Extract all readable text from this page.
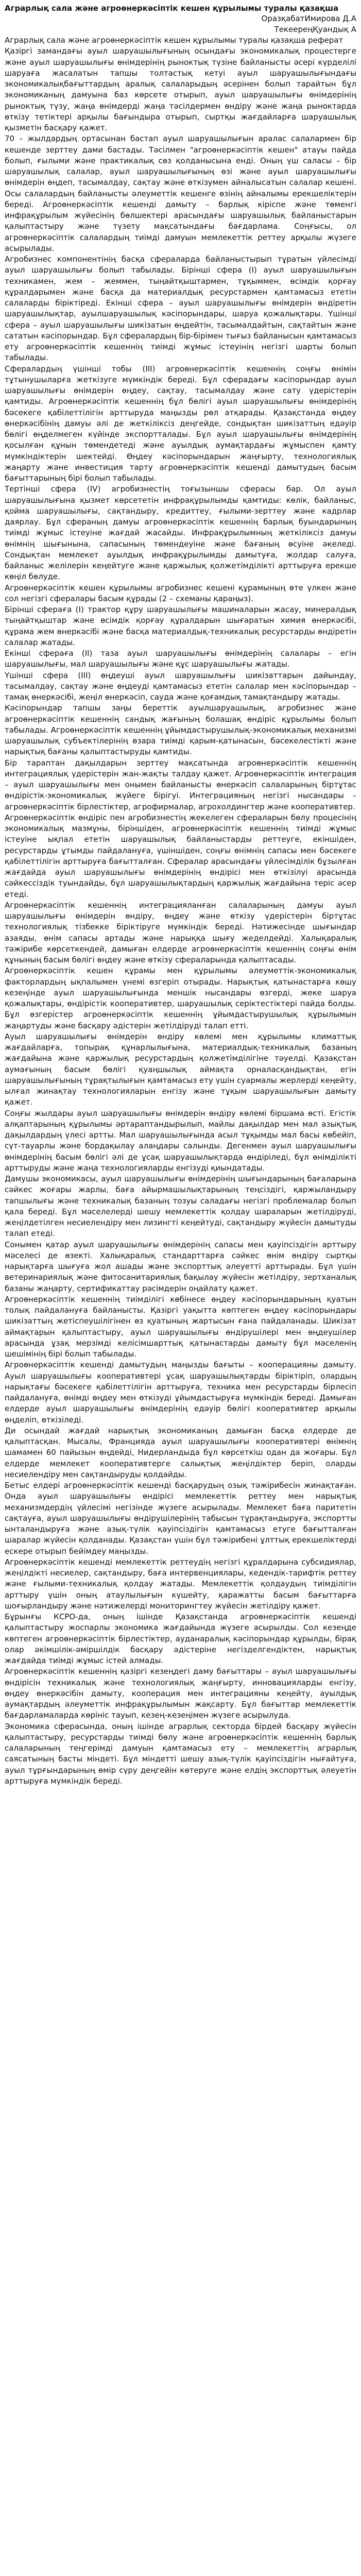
Аграрлық сала және агроөнеркәсіптік кешен құрылымы туралы қазақша

ОразқабатИмирова Д.А

ТекеереңҚуандық А

Аграрлық сала және агроөнеркәсіптік кешен құрылымы туралы қазақша реферат

Қазіргі замандағы ауыл шаруашылығының осындағы экономикалық процестерге және ауыл шаруашылығы өнімдерінің рыноктық түзіне байланысты әсері күрделілі шаруаға жасалатын тапшы толтастық кетуі ауыл шаруашылығындағы экономикалықбағыттардың аралық салаларыдың әсерінен болып тарайтын бұл экономиканың дамуына баз көрсете отырып, ауыл шаруашылығы өнімдерінің рыноктық түзу, жаңа өнімдерді жаңа тәсілдермен өндіру және жаңа рыноктарда өткізу тетіктері арқылы бағындыра отырып, сыртқы жағдайларға шаруашылық қызметін басқару қажет.

70 – жылдардың ортасынан бастап ауыл шаруашылығын аралас салалармен бір кешенде зерттеу дами бастады. Тәсілмен "агроөнеркәсіптік кешен" атауы пайда болып, ғылыми және практикалық сөз қолданысына енді. Оның үш саласы – бір шаруашылық салалар, ауыл шаруашылығының өзі және ауыл шаруашылығы өнімдерін өңдеп, тасымалдау, сақтау және өткізумен айналысатын салалар кешені. Осы салалардың байланысты әлеуметтік кешенге өзінің айналымы ерекшеліктерін береді. Агроөнеркәсіптік кешенді дамыту – барлық кіріспе және төменгі инфрақұрылым жүйесінің бөлшектері арасындағы шаруашылық байланыстарын қалыптастыру және түзету мақсатындағы бағдарлама. Соңғысы, ол агроөнеркәсіптік салалардың тиімді дамуын мемлекеттік реттеу арқылы жүзеге асырылады.

Агробизнес компонентінің басқа сфераларда байланыстырып тұратын үйлесімді ауыл шаруашылығы болып табылады. Бірінші сфера (I) ауыл шаруашылығын техникамен, жем – жеммен, тыңайтқыштармен, тұқыммен, өсімдік қорғау құралдарымен және басқа да материалдық ресурстармен қамтамасыз ететін салаларды біріктіреді. Екінші сфера – ауыл шаруашылығы өнімдерін өндіретін шаруашылықтар, ауылшаруашылық кәсіпорындары, шаруа қожалықтары. Үшінші сфера – ауыл шаруашылығы шикізатын өңдейтін, тасымалдайтын, сақтайтын және сататын кәсіпорындар. Бұл сфералардың бір-бірімен тығыз байланысын қамтамасыз ету агроөнеркәсіптік кешеннің тиімді жұмыс істеуінің негізгі шарты болып табылады.

Сфералардың үшінші тобы (III) агроөнеркәсіптік кешеннің соңғы өнімін тұтынушыларға жеткізуге мүмкіндік береді. Бұл сферадағы кәсіпорындар ауыл шаруашылығы өнімдерін өңдеу, сақтау, тасымалдау және сату үдерістерін қамтиды. Агроөнеркәсіптік кешеннің бұл бөлігі ауыл шаруашылығы өнімдерінің бәсекеге қабілеттілігін арттыруда маңызды рөл атқарады. Қазақстанда өңдеу өнеркәсібінің дамуы әлі де жеткіліксіз деңгейде, сондықтан шикізаттың едәуір бөлігі өңделмеген күйінде экспортталады. Бұл ауыл шаруашылығы өнімдерінің қосылған құнын төмендетеді және ауылдық аумақтардағы жұмыспен қамту мүмкіндіктерін шектейді. Өңдеу кәсіпорындарын жаңғырту, технологиялық жаңарту және инвестиция тарту агроөнеркәсіптік кешенді дамытудың басым бағыттарының бірі болып табылады.

Тертінші сфера (IV) агробизнестің тоғызыншы сферасы бар. Ол ауыл шаруашылығына қызмет көрсететін инфрақұрылымды қамтиды: көлік, байланыс, қойма шаруашылығы, сақтандыру, кредиттеу, ғылыми-зерттеу және кадрлар даярлау. Бұл сфераның дамуы агроөнеркәсіптік кешеннің барлық буындарының тиімді жұмыс істеуіне жағдай жасайды. Инфрақұрылымның жеткіліксіз дамуы өнімнің шығынына, сапасының төмендеуіне және бағаның өсуіне әкеледі. Сондықтан мемлекет ауылдық инфрақұрылымды дамытуға, жолдар салуға, байланыс желілерін кеңейтуге және қаржылық қолжетімділікті арттыруға ерекше көңіл бөлуде.

Агроөнеркәсіптік кешен құрылымы агробизнес кешені құрамының өте үлкен және сол негізгі сфералары басым құрады (2 – схеманы қараңыз).

Бірінші сфераға (I) трактор құру шаруашылығы машиналарын жасау, минералдық тыңайтқыштар және өсімдік қорғау құралдарын шығаратын химия өнеркәсібі, құрама жем өнеркәсібі және басқа материалдық-техникалық ресурстарды өндіретін салалар жатады.

Екінші сфераға (II) таза ауыл шаруашылығы өнімдерінің салалары – егін шаруашылығы, мал шаруашылығы және құс шаруашылығы жатады.

Үшінші сфера (III) өңдеуші ауыл шаруашылығы шикізаттарын дайындау, тасымалдау, сақтау және өңдеуді қамтамасыз ететін салалар мен кәсіпорындар – тамақ өнеркәсібі, жеңіл өнеркәсіп, сауда және қоғамдық тамақтандыру жатады.

Кәсіпорындар тапшы заңы береттік ауылшаруашылық, агробизнес және агроөнеркәсіптік кешеннің сандық жағының болашақ өндіріс құрылымы болып табылады. Агроөнеркәсіптік кешеннің ұйымдастырушылық-экономикалық механизмі шаруашылық субъектілерінің өзара тиімді қарым-қатынасын, бәсекелестікті және нарықтық бағаны қалыптастыруды қамтиды.

Бір тараптан дақылдарын зерттеу мақсатында агроөнеркәсіптік кешеннің интеграциялық үдерістерін жан-жақты талдау қажет. Агроөнеркәсіптік интеграция – ауыл шаруашылығы мен онымен байланысты өнеркәсіп салаларының біртұтас өндірістік-экономикалық жүйеге бірігуі. Интеграцияның негізгі нысандары – агроөнеркәсіптік бірлестіктер, агрофирмалар, агрохолдингтер және кооперативтер.

Агроөнеркәсіптік өндіріс пен агробизнестің жекелеген сфераларын бөлу процесінің экономикалық мазмұны, біріншіден, агроөнеркәсіптік кешеннің тиімді жұмыс істеуіне ықпал ететін шаруашылық байланыстарды реттеуге, екіншіден, ресурстарды ұтымды пайдалануға, үшіншіден, соңғы өнімнің сапасы мен бәсекеге қабілеттілігін арттыруға бағытталған. Сфералар арасындағы үйлесімділік бұзылған жағдайда ауыл шаруашылығы өнімдерінің өндірісі мен өткізілуі арасында сәйкессіздік туындайды, бұл шаруашылықтардың қаржылық жағдайына теріс әсер етеді.

Агроөнеркәсіптік кешеннің интеграцияланған салаларының дамуы ауыл шаруашылығы өнімдерін өндіру, өңдеу және өткізу үдерістерін біртұтас технологиялық тізбекке біріктіруге мүмкіндік береді. Нәтижесінде шығындар азаяды, өнім сапасы артады және нарыққа шығу жеделдейді. Халықаралық тәжірибе көрсеткендей, дамыған елдерде агроөнеркәсіптік кешеннің соңғы өнім құнының басым бөлігі өңдеу және өткізу сфераларында қалыптасады.

Агроөнеркәсіптік кешен құрамы мен құрылымы әлеуметтік-экономикалық факторлардың ықпалымен үнемі өзгеріп отырады. Нарықтық қатынастарға көшу кезеңінде ауыл шаруашылығында меншік нысандары өзгерді, жеке шаруа қожалықтары, өндірістік кооперативтер, шаруашылық серіктестіктері пайда болды. Бұл өзгерістер агроөнеркәсіптік кешеннің ұйымдастырушылық құрылымын жаңартуды және басқару әдістерін жетілдіруді талап етті.

Ауыл шаруашылығы өнімдерін өндіру көлемі мен құрылымы климаттық жағдайларға, топырақ құнарлылығына, материалдық-техникалық базаның жағдайына және қаржылық ресурстардың қолжетімділігіне тәуелді. Қазақстан аумағының басым бөлігі қуаңшылық аймақта орналасқандықтан, егін шаруашылығының тұрақтылығын қамтамасыз ету үшін суармалы жерлерді кеңейту, ылғал жинақтау технологияларын енгізу және тұқым шаруашылығын дамыту қажет.

Соңғы жылдары ауыл шаруашылығы өнімдерін өндіру көлемі біршама өсті. Егістік алқаптарының құрылымы әртараптандырылып, майлы дақылдар мен мал азықтық дақылдардың үлесі артты. Мал шаруашылығында асыл тұқымды мал басы көбейіп, сүт-тауарлы және бордақылау алаңдары салынды. Дегенмен ауыл шаруашылығы өнімдерінің басым бөлігі әлі де ұсақ шаруашылықтарда өндіріледі, бұл өнімділікті арттыруды және жаңа технологияларды енгізуді қиындатады.

Дамушы экономикасы, ауыл шаруашылығы өнімдерінің шығындарының бағаларына сәйкес жоғары жарлы, баға айырмашылықтарының теңсіздігі, қаржыландыру тапшылығы және техникалық базаның тозуы саладағы негізгі проблемалар болып қала береді. Бұл мәселелерді шешу мемлекеттік қолдау шараларын жетілдіруді, жеңілдетілген несиелендіру мен лизингті кеңейтуді, сақтандыру жүйесін дамытуды талап етеді.

Сонымен қатар ауыл шаруашылығы өнімдерінің сапасы мен қауіпсіздігін арттыру мәселесі де өзекті. Халықаралық стандарттарға сәйкес өнім өндіру сыртқы нарықтарға шығуға жол ашады және экспорттық әлеуетті арттырады. Бұл үшін ветеринариялық және фитосанитариялық бақылау жүйесін жетілдіру, зертханалық базаны жаңарту, сертификаттау рәсімдерін оңайлату қажет.

Агроөнеркәсіптік кешеннің тиімділігі көбінесе өңдеу кәсіпорындарының қуатын толық пайдалануға байланысты. Қазіргі уақытта көптеген өңдеу кәсіпорындары шикізаттың жетіспеушілігінен өз қуатының жартысын ғана пайдаланады. Шикізат аймақтарын қалыптастыру, ауыл шаруашылығы өндірушілері мен өңдеушілер арасында ұзақ мерзімді келісімшарттық қатынастарды дамыту бұл мәселенің шешімінің бірі болып табылады.

Агроөнеркәсіптік кешенді дамытудың маңызды бағыты – кооперацияны дамыту. Ауыл шаруашылығы кооперативтері ұсақ шаруашылықтарды біріктіріп, олардың нарықтағы бәсекеге қабілеттілігін арттыруға, техника мен ресурстарды бірлесіп пайдалануға, өнімді өңдеу мен өткізуді ұйымдастыруға мүмкіндік береді. Дамыған елдерде ауыл шаруашылығы өнімдерінің едәуір бөлігі кооперативтер арқылы өңделіп, өткізіледі.

Ди осындай жағдай нарықтық экономиканың дамыған басқа елдерде де қалыптасқан. Мысалы, Францияда ауыл шаруашылығы кооперативтері өнімнің шамамен 60 пайызын өңдейді, Нидерландыда бұл көрсеткіш одан да жоғары. Бұл елдерде мемлекет кооперативтерге салықтық жеңілдіктер беріп, оларды несиелендіру мен сақтандыруды қолдайды.

Бетыс елдері агроөнеркәсіптік кешенді басқарудың озық тәжірибесін жинақтаған. Онда ауыл шаруашылығы өндірісі мемлекеттік реттеу мен нарықтық механизмдердің үйлесімі негізінде жүзеге асырылады. Мемлекет баға паритетін сақтауға, ауыл шаруашылығы өндірушілерінің табысын тұрақтандыруға, экспортты ынталандыруға және азық-түлік қауіпсіздігін қамтамасыз етуге бағытталған шаралар жүйесін қолданады. Қазақстан үшін бұл тәжірибені ұлттық ерекшеліктерді ескере отырып бейімдеу маңызды.

Агроөнеркәсіптік кешенді мемлекеттік реттеудің негізгі құралдарына субсидиялар, жеңілдікті несиелер, сақтандыру, баға интервенциялары, кедендік-тарифтік реттеу және ғылыми-техникалық қолдау жатады. Мемлекеттік қолдаудың тиімділігін арттыру үшін оның атаулылығын күшейту, қаражатты басым бағыттарға шоғырландыру және нәтижелерді мониторингтеу жүйесін жетілдіру қажет.

Бұрынғы КСРО-да, оның ішінде Қазақстанда агроөнеркәсіптік кешенді қалыптастыру жоспарлы экономика жағдайында жүзеге асырылды. Сол кезеңде көптеген агроөнеркәсіптік бірлестіктер, ауданаралық кәсіпорындар құрылды, бірақ олар әкімшілік-әміршілдік басқару әдістеріне негізделгендіктен, нарықтық жағдайда тиімді жұмыс істей алмады.

Агроөнеркәсіптік кешеннің қазіргі кезеңдегі даму бағыттары – ауыл шаруашылығы өндірісін техникалық және технологиялық жаңғырту, инновацияларды енгізу, өңдеу өнеркәсібін дамыту, кооперация мен интеграцияны кеңейту, ауылдық аумақтардың әлеуметтік инфрақұрылымын жақсарту. Бұл бағыттар мемлекеттік бағдарламаларда көрініс тауып, кезең-кезеңімен жүзеге асырылуда.

Экономика сферасында, оның ішінде аграрлық секторда бірдей басқару жүйесін қалыптастыру, ресурстарды тиімді бөлу және агроөнеркәсіптік кешеннің барлық салаларының теңгерімді дамуын қамтамасыз ету – мемлекеттің аграрлық саясатының басты міндеті. Бұл міндетті шешу азық-түлік қауіпсіздігін нығайтуға, ауыл тұрғындарының өмір сүру деңгейін көтеруге және елдің экспорттық әлеуетін арттыруға мүмкіндік береді.
